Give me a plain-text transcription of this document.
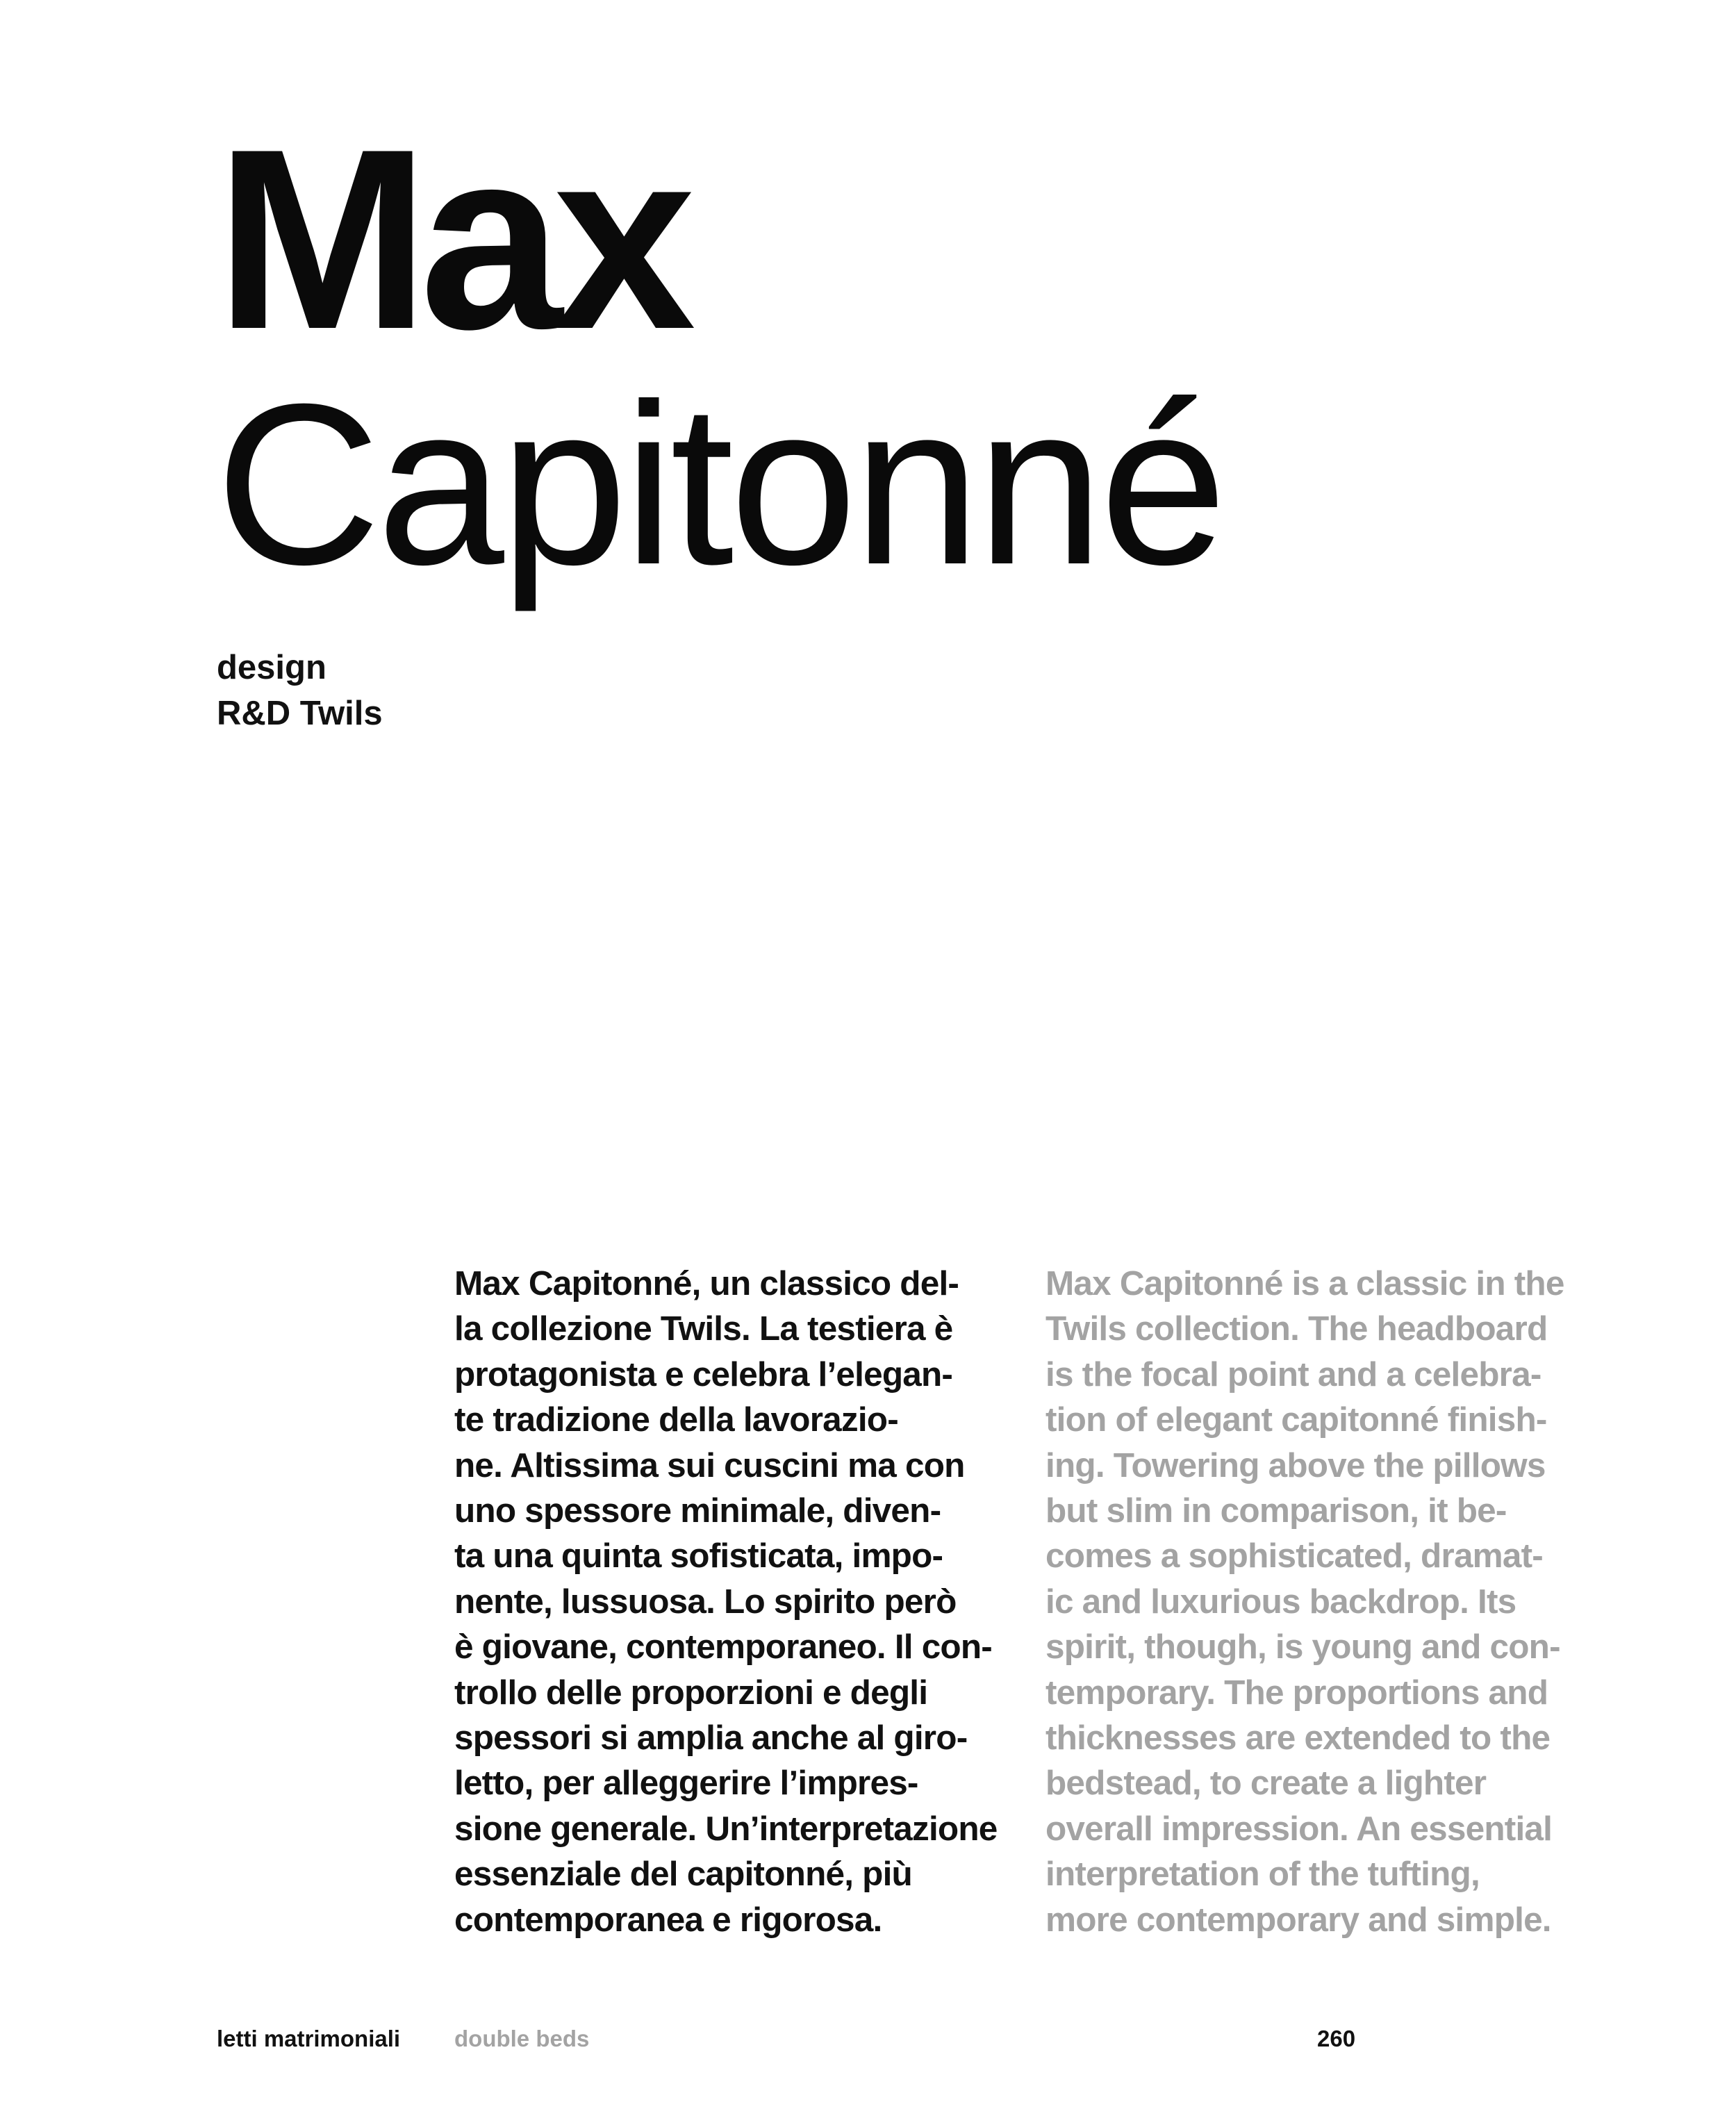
Max
Capitonné
design
R&D Twils
Max Capitonné, un classico del-
la collezione Twils. La testiera è
protagonista e celebra l’elegan-
te tradizione della lavorazio-
ne. Altissima sui cuscini ma con
uno spessore minimale, diven-
ta una quinta sofisticata, impo-
nente, lussuosa. Lo spirito però
è giovane, contemporaneo. Il con-
trollo delle proporzioni e degli
spessori si amplia anche al giro-
letto, per alleggerire l’impres-
sione generale. Un’interpretazione
essenziale del capitonné, più
contemporanea e rigorosa.
Max Capitonné is a classic in the
Twils collection. The headboard
is the focal point and a celebra-
tion of elegant capitonné finish-
ing. Towering above the pillows
but slim in comparison, it be-
comes a sophisticated, dramat-
ic and luxurious backdrop. Its
spirit, though, is young and con-
temporary. The proportions and
thicknesses are extended to the
bedstead, to create a lighter
overall impression. An essential
interpretation of the tufting,
more contemporary and simple.
letti matrimoniali double beds	260
